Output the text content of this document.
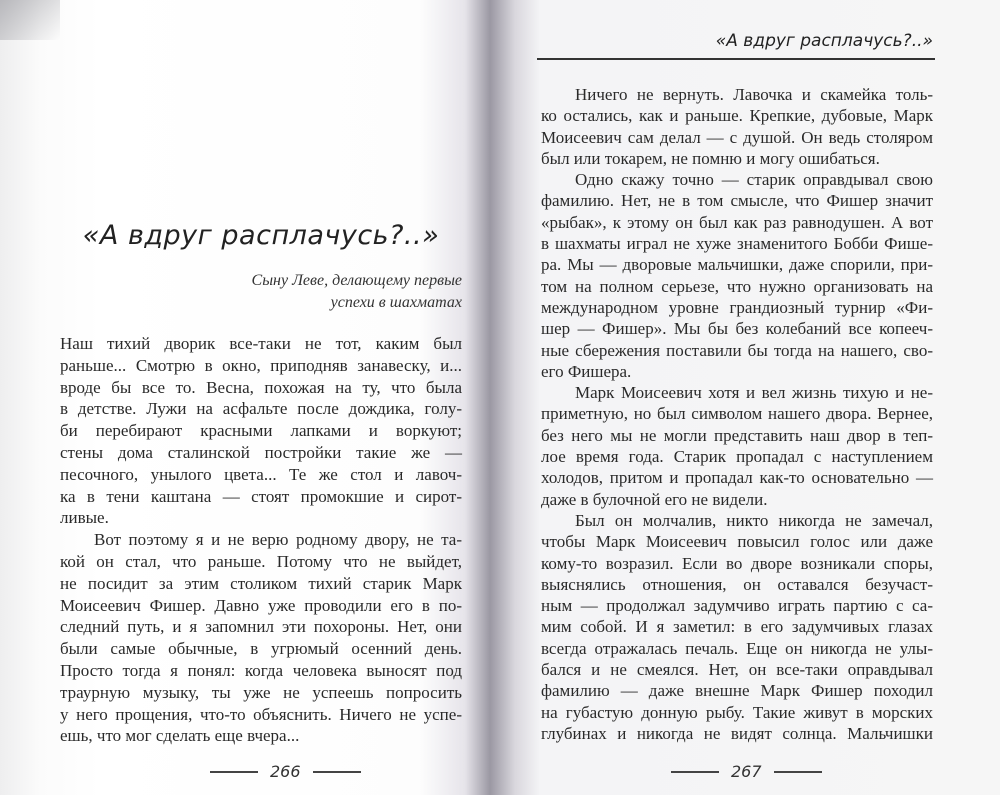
«А вдруг расплачусь?..»
Сыну Леве, делающему первые
успехи в шахматах
Наш тихий дворик все-таки не тот, каким был
раньше... Смотрю в окно, приподняв занавеску, и...
вроде бы все то. Весна, похожая на ту, что была
в детстве. Лужи на асфальте после дождика, голу-
би перебирают красными лапками и воркуют;
стены дома сталинской постройки такие же —
песочного, унылого цвета... Те же стол и лавоч-
ка в тени каштана — стоят промокшие и сирот-
ливые.
Вот поэтому я и не верю родному двору, не та-
кой он стал, что раньше. Потому что не выйдет,
не посидит за этим столиком тихий старик Марк
Моисеевич Фишер. Давно уже проводили его в по-
следний путь, и я запомнил эти похороны. Нет, они
были самые обычные, в угрюмый осенний день.
Просто тогда я понял: когда человека выносят под
траурную музыку, ты уже не успеешь попросить
у него прощения, что-то объяснить. Ничего не успе-
ешь, что мог сделать еще вчера...
266
«А вдруг расплачусь?..»
Ничего не вернуть. Лавочка и скамейка толь-
ко остались, как и раньше. Крепкие, дубовые, Марк
Моисеевич сам делал — с душой. Он ведь столяром
был или токарем, не помню и могу ошибаться.
Одно скажу точно — старик оправдывал свою
фамилию. Нет, не в том смысле, что Фишер значит
«рыбак», к этому он был как раз равнодушен. А вот
в шахматы играл не хуже знаменитого Бобби Фише-
ра. Мы — дворовые мальчишки, даже спорили, при-
том на полном серьезе, что нужно организовать на
международном уровне грандиозный турнир «Фи-
шер — Фишер». Мы бы без колебаний все копееч-
ные сбережения поставили бы тогда на нашего, сво-
его Фишера.
Марк Моисеевич хотя и вел жизнь тихую и не-
приметную, но был символом нашего двора. Вернее,
без него мы не могли представить наш двор в теп-
лое время года. Старик пропадал с наступлением
холодов, притом и пропадал как-то основательно —
даже в булочной его не видели.
Был он молчалив, никто никогда не замечал,
чтобы Марк Моисеевич повысил голос или даже
кому-то возразил. Если во дворе возникали споры,
выяснялись отношения, он оставался безучаст-
ным — продолжал задумчиво играть партию с са-
мим собой. И я заметил: в его задумчивых глазах
всегда отражалась печаль. Еще он никогда не улы-
бался и не смеялся. Нет, он все-таки оправдывал
фамилию — даже внешне Марк Фишер походил
на губастую донную рыбу. Такие живут в морских
глубинах и никогда не видят солнца. Мальчишки
267
